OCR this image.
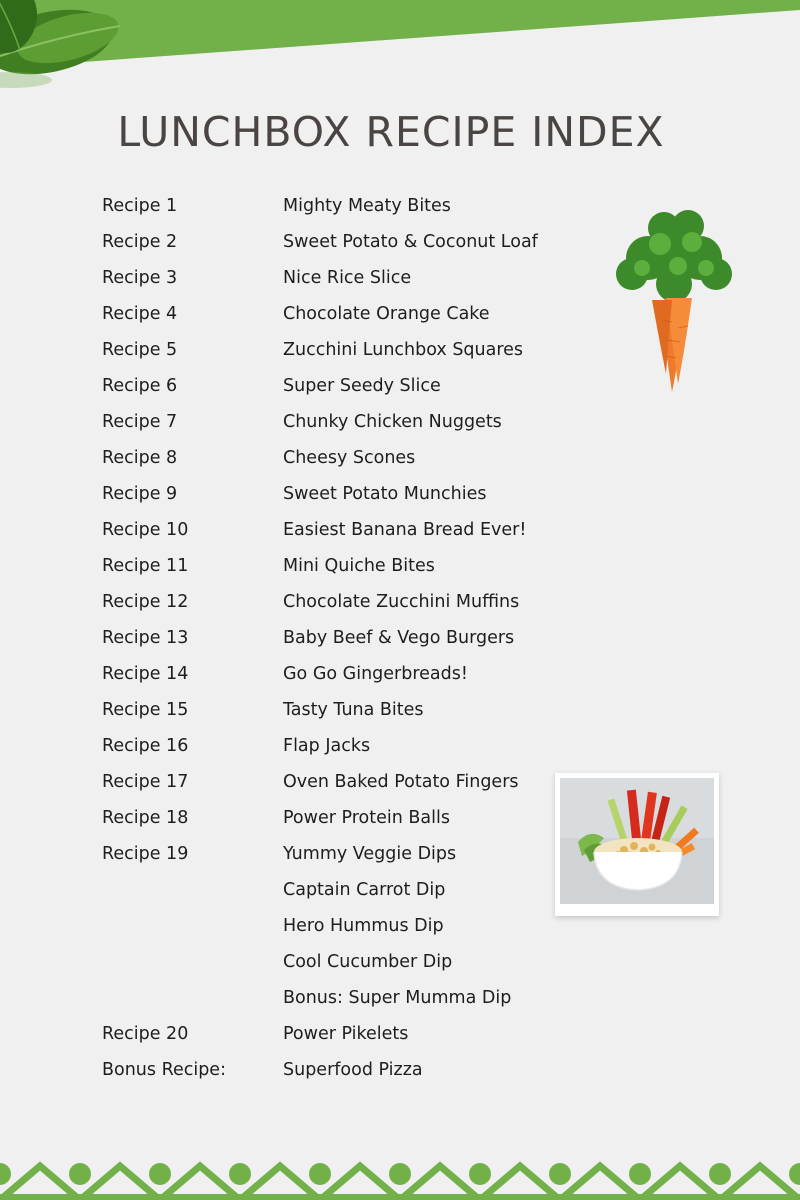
LUNCHBOX RECIPE INDEX
Recipe 1	Mighty Meaty Bites
Recipe 2	Sweet Potato & Coconut Loaf
Recipe 3	Nice Rice Slice
Recipe 4	Chocolate Orange Cake
Recipe 5	Zucchini Lunchbox Squares
Recipe 6	Super Seedy Slice
Recipe 7	Chunky Chicken Nuggets
Recipe 8	Cheesy Scones
Recipe 9	Sweet Potato Munchies
Recipe 10	Easiest Banana Bread Ever!
Recipe 11	Mini Quiche Bites
Recipe 12	Chocolate Zucchini Muffins
Recipe 13	Baby Beef & Vego Burgers
Recipe 14	Go Go Gingerbreads!
Recipe 15	Tasty Tuna Bites
Recipe 16	Flap Jacks
Recipe 17	Oven Baked Potato Fingers
Recipe 18	Power Protein Balls
Recipe 19	Yummy Veggie Dips
Captain Carrot Dip
Hero Hummus Dip
Cool Cucumber Dip
Bonus: Super Mumma Dip
Recipe 20	Power Pikelets
Bonus Recipe:	Superfood Pizza
